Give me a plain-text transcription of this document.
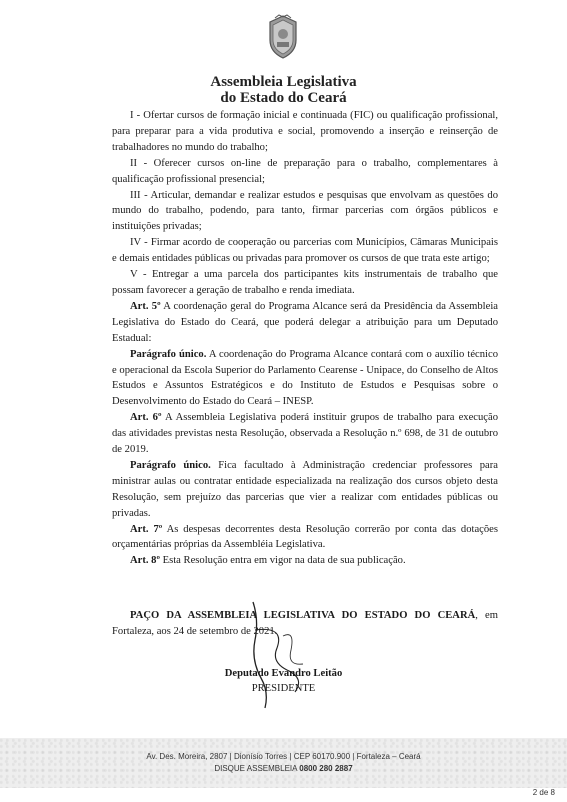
Assembleia Legislativa
do Estado do Ceará

I - Ofertar cursos de formação inicial e continuada (FIC) ou qualificação profissional, para preparar para a vida produtiva e social, promovendo a inserção e reinserção de trabalhadores no mundo do trabalho;

II - Oferecer cursos on-line de preparação para o trabalho, complementares à qualificação profissional presencial;

III - Articular, demandar e realizar estudos e pesquisas que envolvam as questões do mundo do trabalho, podendo, para tanto, firmar parcerias com órgãos públicos e instituições privadas;

IV - Firmar acordo de cooperação ou parcerias com Municípios, Câmaras Municipais e demais entidades públicas ou privadas para promover os cursos de que trata este artigo;

V - Entregar a uma parcela dos participantes kits instrumentais de trabalho que possam favorecer a geração de trabalho e renda imediata.

Art. 5º A coordenação geral do Programa Alcance será da Presidência da Assembleia Legislativa do Estado do Ceará, que poderá delegar a atribuição para um Deputado Estadual:

Parágrafo único. A coordenação do Programa Alcance contará com o auxílio técnico e operacional da Escola Superior do Parlamento Cearense - Unipace, do Conselho de Altos Estudos e Assuntos Estratégicos e do Instituto de Estudos e Pesquisas sobre o Desenvolvimento do Estado do Ceará – INESP.

Art. 6º A Assembleia Legislativa poderá instituir grupos de trabalho para execução das atividades previstas nesta Resolução, observada a Resolução n.º 698, de 31 de outubro de 2019.

Parágrafo único. Fica facultado à Administração credenciar professores para ministrar aulas ou contratar entidade especializada na realização dos cursos objeto desta Resolução, sem prejuízo das parcerias que vier a realizar com entidades públicas ou privadas.

Art. 7º As despesas decorrentes desta Resolução correrão por conta das dotações orçamentárias próprias da Assembléia Legislativa.

Art. 8º Esta Resolução entra em vigor na data de sua publicação.

PAÇO DA ASSEMBLEIA LEGISLATIVA DO ESTADO DO CEARÁ, em Fortaleza, aos 24 de setembro de 2021.

Deputado Evandro Leitão
PRESIDENTE
Av. Des. Moreira, 2807 | Dionísio Torres | CEP 60170.900 | Fortaleza – Ceará
DISQUE ASSEMBLEIA 0800 280 2887
2 de 8
